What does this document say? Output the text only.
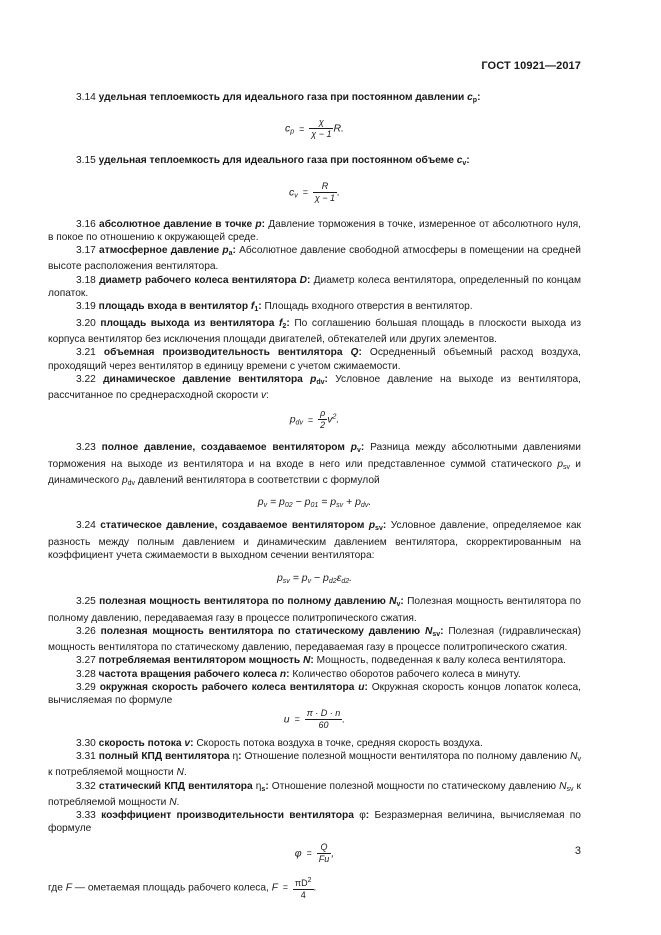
ГОСТ 10921—2017

3.14 удельная теплоемкость для идеального газа при постоянном давлении cp:

$c_p = \frac{\chi}{\chi - 1} R$.

3.15 удельная теплоемкость для идеального газа при постоянном объеме cv:

$c_v = \frac{R}{\chi - 1}$ .

3.16 абсолютное давление в точке p: Давление торможения в точке, измеренное от абсолютного нуля, в покое по отношению к окружающей среде.

3.17 атмосферное давление pa: Абсолютное давление свободной атмосферы в помещении на средней высоте расположения вентилятора.

3.18 диаметр рабочего колеса вентилятора D: Диаметр колеса вентилятора, определенный по концам лопаток.

3.19 площадь входа в вентилятор f1: Площадь входного отверстия в вентилятор.

3.20 площадь выхода из вентилятора f2: По соглашению большая площадь в плоскости выхода из корпуса вентилятор без исключения площади двигателей, обтекателей или других элементов.

3.21 объемная производительность вентилятора Q: Осредненный объемный расход воздуха, проходящий через вентилятор в единицу времени с учетом сжимаемости.

3.22 динамическое давление вентилятора pdv: Условное давление на выходе из вентилятора, рассчитанное по среднерасходной скорости v:

$p_{dv} = \frac{\rho}{2} v^2$.

3.23 полное давление, создаваемое вентилятором pv: Разница между абсолютными давлениями торможения на выходе из вентилятора и на входе в него или представленное суммой статического $p_{sv}$ и динамического $p_{dv}$ давлений вентилятора в соответствии с формулой

$p_v = p_{02} - p_{01} = p_{sv} + p_{dv}$.

3.24 статическое давление, создаваемое вентилятором psv: Условное давление, определяемое как разность между полным давлением и динамическим давлением вентилятора, скорректированным на коэффициент учета сжимаемости в выходном сечении вентилятора:

$p_{sv} = p_v - p_{d2}\varepsilon_{d2}$.

3.25 полезная мощность вентилятора по полному давлению Nv: Полезная мощность вентилятора по полному давлению, передаваемая газу в процессе политропического сжатия.

3.26 полезная мощность вентилятора по статическому давлению Nsv: Полезная (гидравлическая) мощность вентилятора по статическому давлению, передаваемая газу в процессе политропического сжатия.

3.27 потребляемая вентилятором мощность N: Мощность, подведенная к валу колеса вентилятора.

3.28 частота вращения рабочего колеса n: Количество оборотов рабочего колеса в минуту.

3.29 окружная скорость рабочего колеса вентилятора u: Окружная скорость концов лопаток колеса, вычисляемая по формуле

$u = \frac{\pi \cdot D \cdot n}{60}$ .

3.30 скорость потока v: Скорость потока воздуха в точке, средняя скорость воздуха.

3.31 полный КПД вентилятора η: Отношение полезной мощности вентилятора по полному давлению $N_v$ к потребляемой мощности N.

3.32 статический КПД вентилятора ηs: Отношение полезной мощности по статическому давлению $N_{sv}$ к потребляемой мощности N.

3.33 коэффициент производительности вентилятора φ: Безразмерная величина, вычисляемая по формуле

$\varphi = \frac{Q}{Fu}$ ,

где F — ометаемая площадь рабочего колеса, $F = \frac{\pi D^2}{4}$ .

3
